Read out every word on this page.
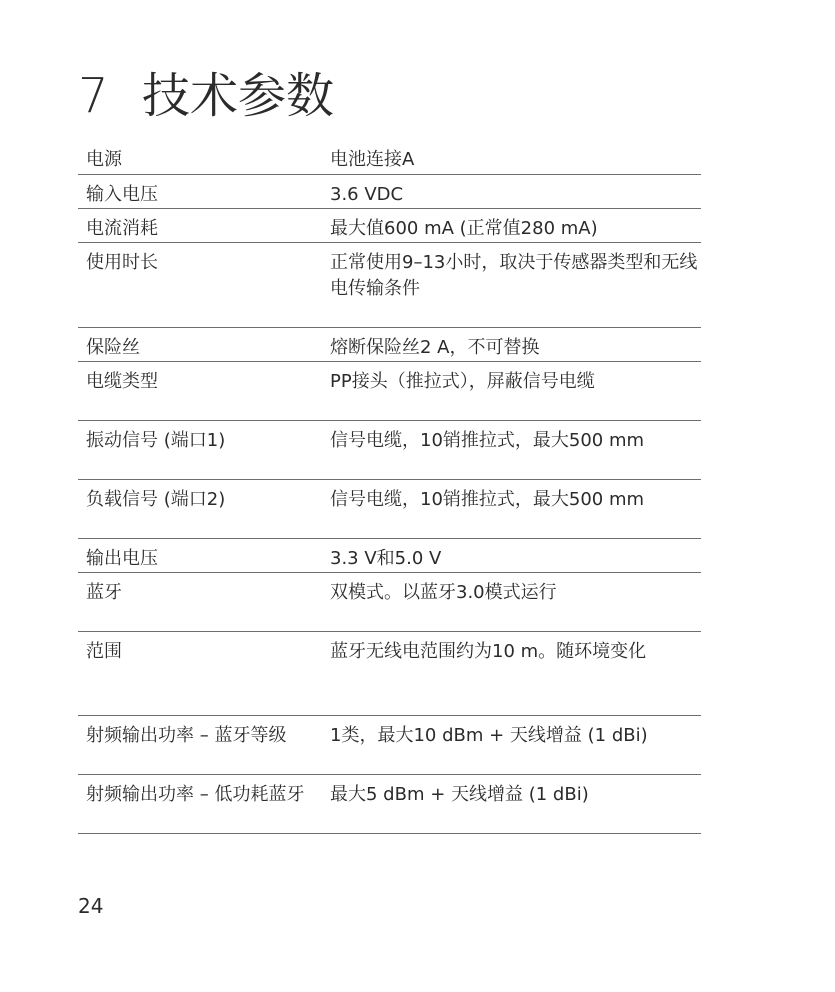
7 技术参数
电源	电池连接A
输入电压	3.6 VDC
电流消耗	最大值600 mA (正常值280 mA)
使用时长	正常使用9–13小时，取决于传感器类型和无线电传输条件
保险丝	熔断保险丝2 A，不可替换
电缆类型	PP接头（推拉式），屏蔽信号电缆
振动信号 (端口1)	信号电缆，10销推拉式，最大500 mm
负载信号 (端口2)	信号电缆，10销推拉式，最大500 mm
输出电压	3.3 V和5.0 V
蓝牙	双模式。以蓝牙3.0模式运行
范围	蓝牙无线电范围约为10 m。随环境变化
射频输出功率 – 蓝牙等级	1类，最大10 dBm + 天线增益 (1 dBi)
射频输出功率 – 低功耗蓝牙	最大5 dBm + 天线增益 (1 dBi)
24
